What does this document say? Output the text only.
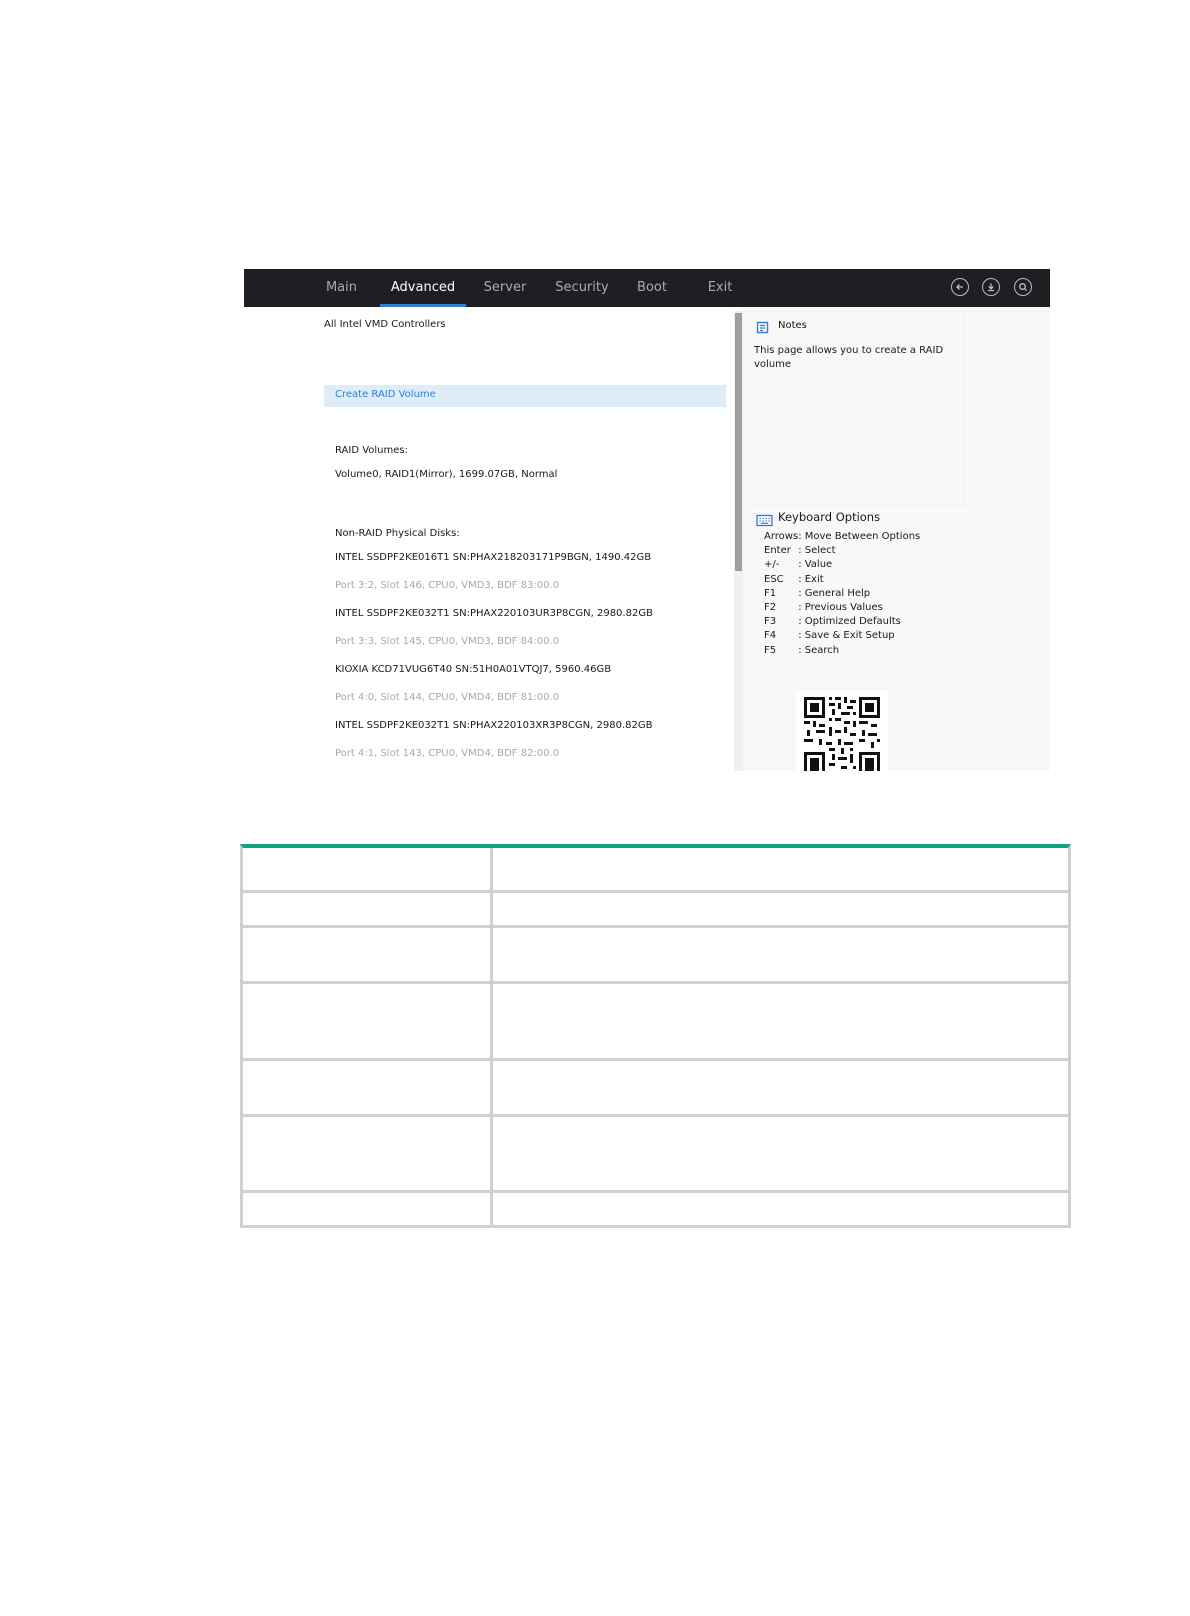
Main	Advanced	Server	Security	Boot	Exit
All Intel VMD Controllers
Create RAID Volume
RAID Volumes:
Volume0, RAID1(Mirror), 1699.07GB, Normal
Non-RAID Physical Disks:
INTEL SSDPF2KE016T1 SN:PHAX218203171P9BGN, 1490.42GB
Port 3:2, Slot 146, CPU0, VMD3, BDF 83:00.0
INTEL SSDPF2KE032T1 SN:PHAX220103UR3P8CGN, 2980.82GB
Port 3:3, Slot 145, CPU0, VMD3, BDF 84:00.0
KIOXIA KCD71VUG6T40 SN:51H0A01VTQJ7, 5960.46GB
Port 4:0, Slot 144, CPU0, VMD4, BDF 81:00.0
INTEL SSDPF2KE032T1 SN:PHAX220103XR3P8CGN, 2980.82GB
Port 4:1, Slot 143, CPU0, VMD4, BDF 82:00.0
Notes
This page allows you to create a RAID volume
Keyboard Options
Arrows : Move Between Options
Enter : Select
+/- : Value
ESC : Exit
F1 : General Help
F2 : Previous Values
F3 : Optimized Defaults
F4 : Save & Exit Setup
F5 : Search
